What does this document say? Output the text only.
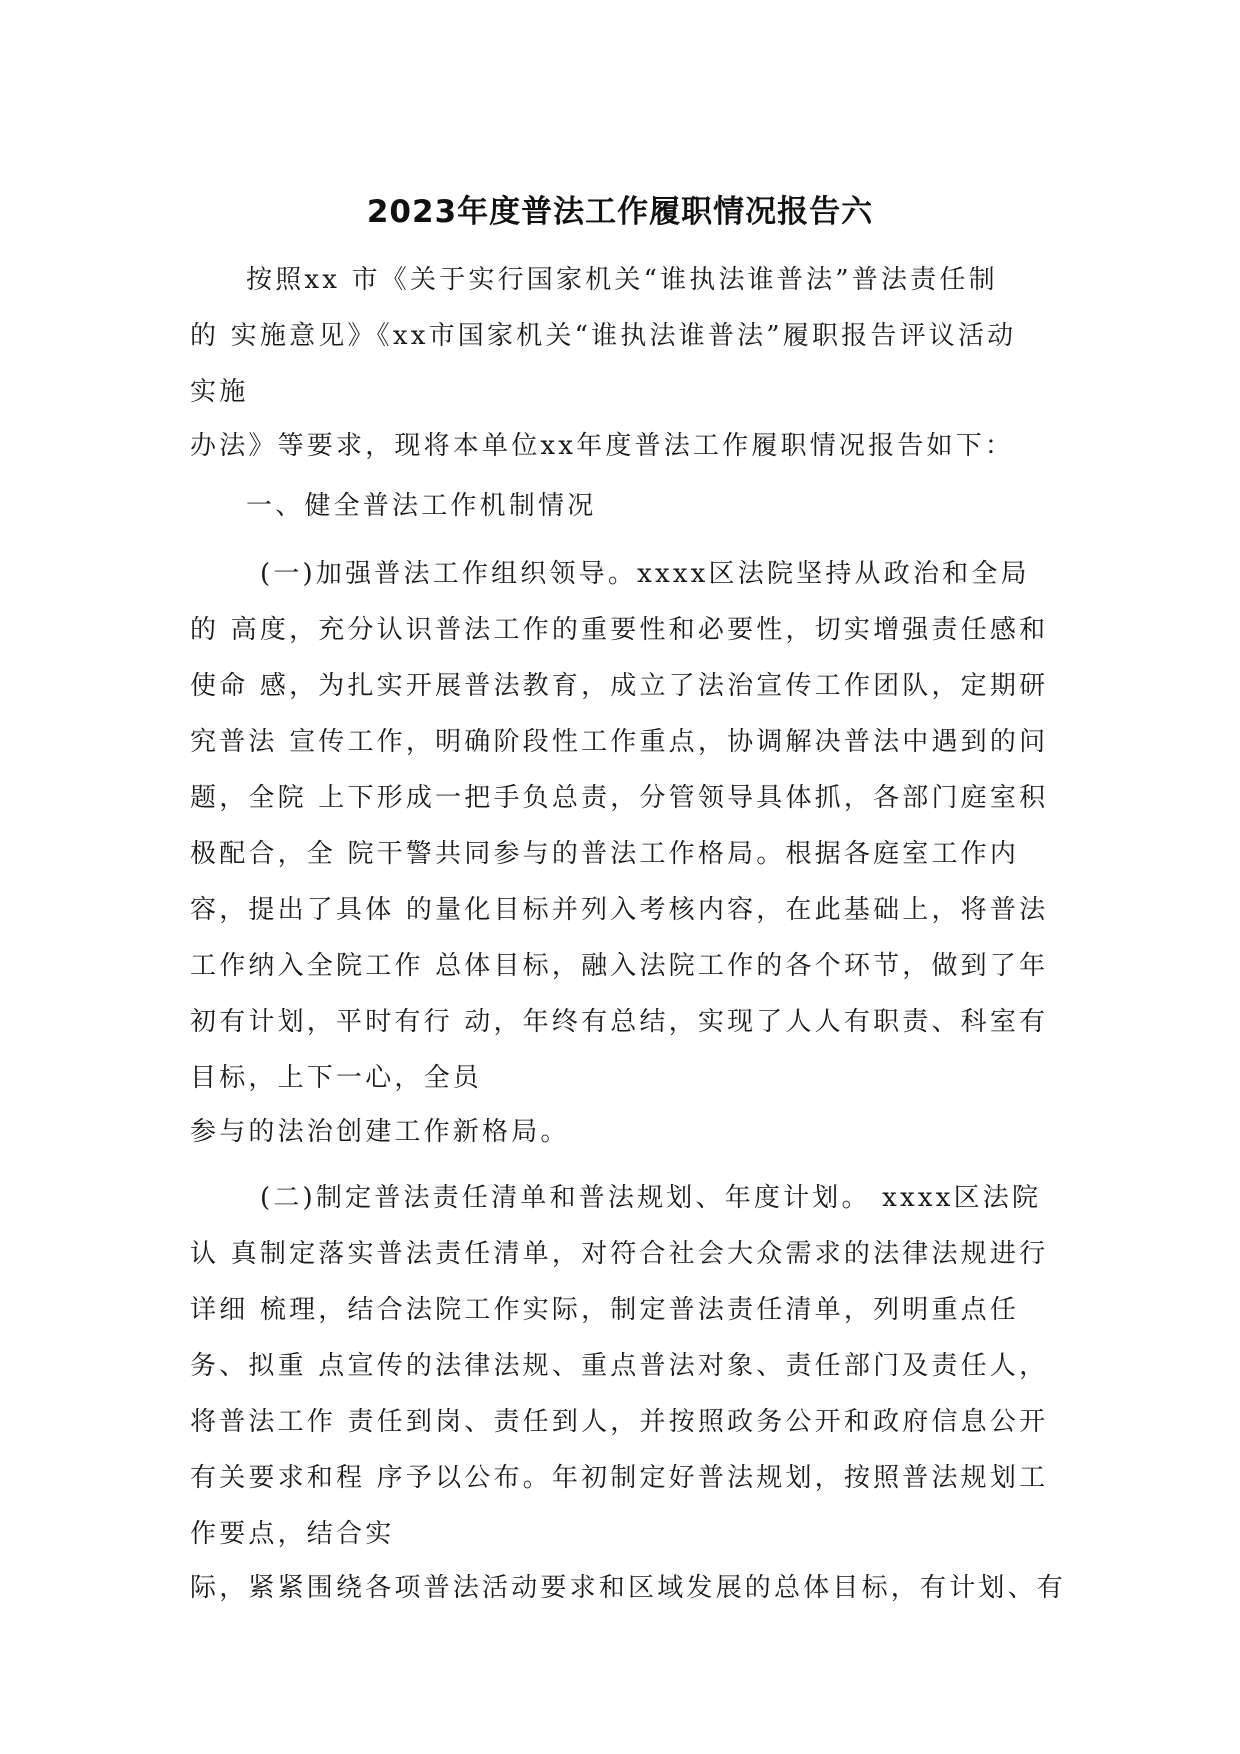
2023年度普法工作履职情况报告六
按照xx 市《关于实行国家机关“谁执法谁普法”普法责任制
的 实施意见》《xx市国家机关“谁执法谁普法”履职报告评议活动
实施
办法》等要求，现将本单位xx年度普法工作履职情况报告如下：
一、健全普法工作机制情况
(一)加强普法工作组织领导。xxxx区法院坚持从政治和全局
的 高度，充分认识普法工作的重要性和必要性，切实增强责任感和
使命 感，为扎实开展普法教育，成立了法治宣传工作团队，定期研
究普法 宣传工作，明确阶段性工作重点，协调解决普法中遇到的问
题，全院 上下形成一把手负总责，分管领导具体抓，各部门庭室积
极配合，全 院干警共同参与的普法工作格局。根据各庭室工作内
容，提出了具体 的量化目标并列入考核内容，在此基础上，将普法
工作纳入全院工作 总体目标，融入法院工作的各个环节，做到了年
初有计划，平时有行 动，年终有总结，实现了人人有职责、科室有
目标，上下一心，全员
参与的法治创建工作新格局。
(二)制定普法责任清单和普法规划、年度计划。 xxxx区法院
认 真制定落实普法责任清单，对符合社会大众需求的法律法规进行
详细 梳理，结合法院工作实际，制定普法责任清单，列明重点任
务、拟重 点宣传的法律法规、重点普法对象、责任部门及责任人，
将普法工作 责任到岗、责任到人，并按照政务公开和政府信息公开
有关要求和程 序予以公布。年初制定好普法规划，按照普法规划工
作要点，结合实
际，紧紧围绕各项普法活动要求和区域发展的总体目标，有计划、有
